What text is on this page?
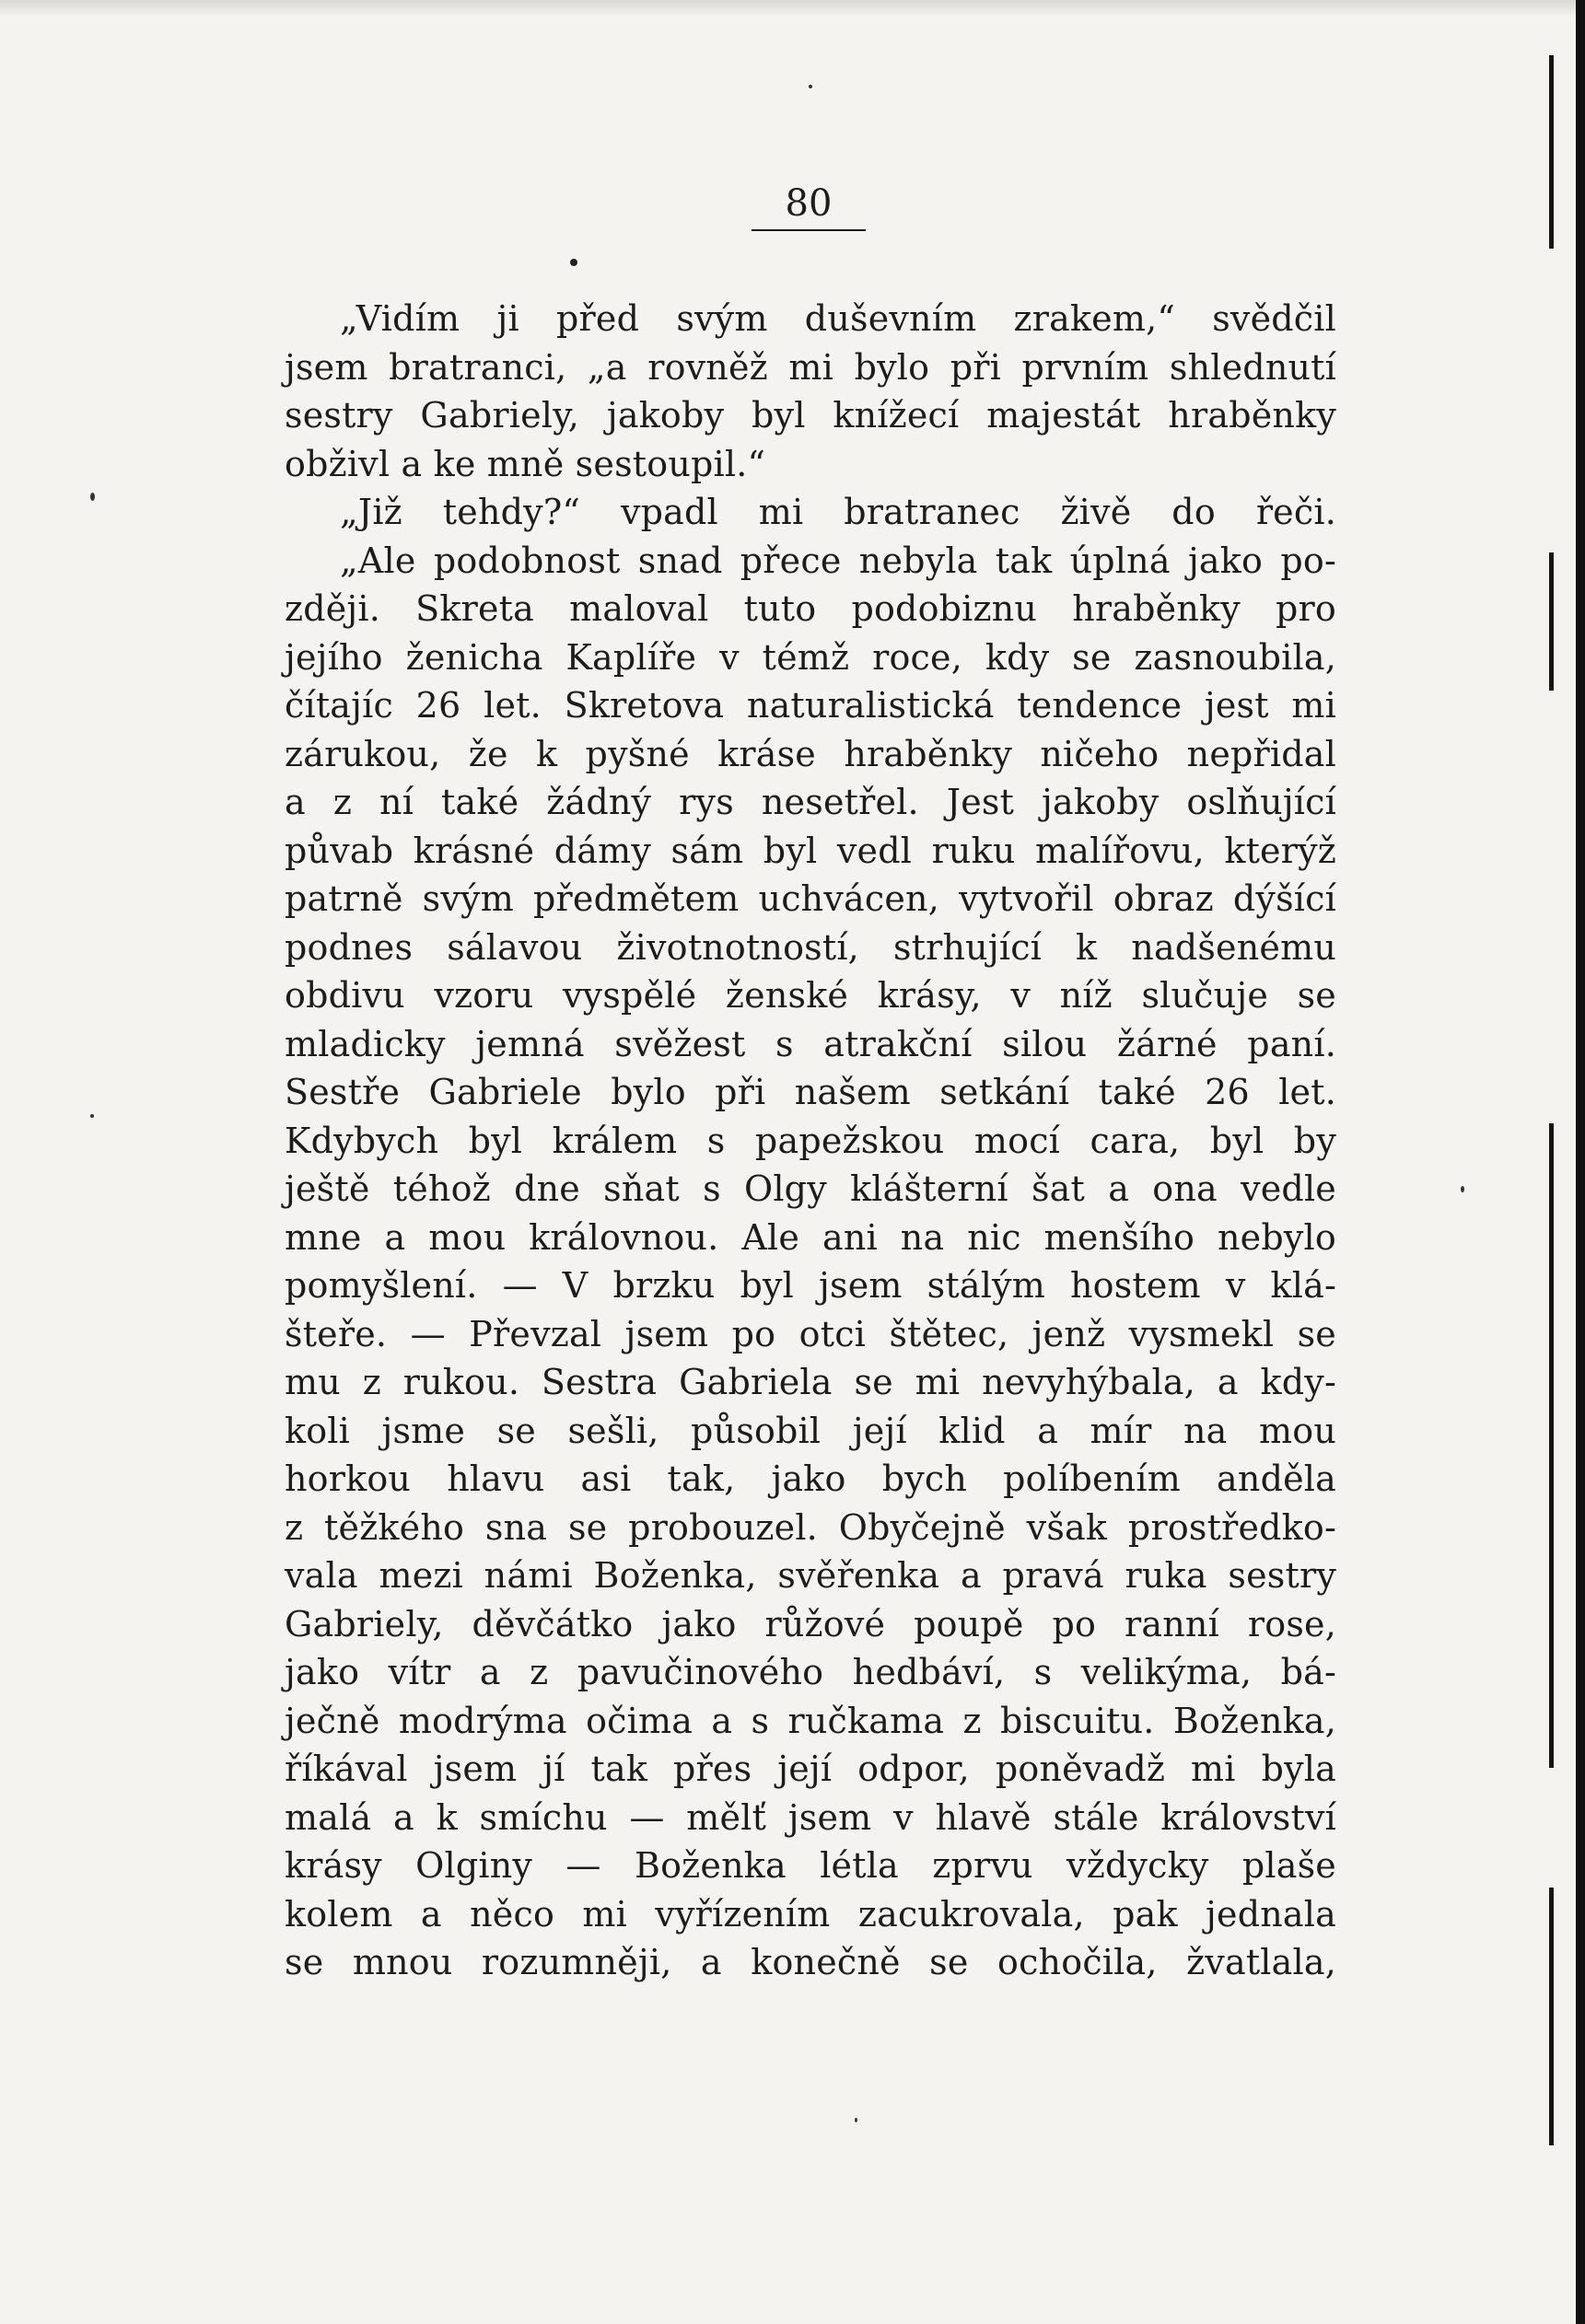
80
„Vidím ji před svým duševním zrakem,“ svědčil
jsem bratranci, „a rovněž mi bylo při prvním shlednutí
sestry Gabriely, jakoby byl knížecí majestát hraběnky
obživl a ke mně sestoupil.“
„Již tehdy?“ vpadl mi bratranec živě do řeči.
„Ale podobnost snad přece nebyla tak úplná jako po-
zději. Skreta maloval tuto podobiznu hraběnky pro
jejího ženicha Kaplíře v témž roce, kdy se zasnoubila,
čítajíc 26 let. Skretova naturalistická tendence jest mi
zárukou, že k pyšné kráse hraběnky ničeho nepřidal
a z ní také žádný rys nesetřel. Jest jakoby oslňující
půvab krásné dámy sám byl vedl ruku malířovu, kterýž
patrně svým předmětem uchvácen, vytvořil obraz dýšící
podnes sálavou životnotností, strhující k nadšenému
obdivu vzoru vyspělé ženské krásy, v níž slučuje se
mladicky jemná svěžest s atrakční silou žárné paní.
Sestře Gabriele bylo při našem setkání také 26 let.
Kdybych byl králem s papežskou mocí cara, byl by
ještě téhož dne sňat s Olgy klášterní šat a ona vedle
mne a mou královnou. Ale ani na nic menšího nebylo
pomyšlení. — V brzku byl jsem stálým hostem v klá-
šteře. — Převzal jsem po otci štětec, jenž vysmekl se
mu z rukou. Sestra Gabriela se mi nevyhýbala, a kdy-
koli jsme se sešli, působil její klid a mír na mou
horkou hlavu asi tak, jako bych políbením anděla
z těžkého sna se probouzel. Obyčejně však prostředko-
vala mezi námi Boženka, svěřenka a pravá ruka sestry
Gabriely, děvčátko jako růžové poupě po ranní rose,
jako vítr a z pavučinového hedbáví, s velikýma, bá-
ječně modrýma očima a s ručkama z biscuitu. Boženka,
říkával jsem jí tak přes její odpor, poněvadž mi byla
malá a k smíchu — mělť jsem v hlavě stále království
krásy Olginy — Boženka létla zprvu vždycky plaše
kolem a něco mi vyřízením zacukrovala, pak jednala
se mnou rozumněji, a konečně se ochočila, žvatlala,
